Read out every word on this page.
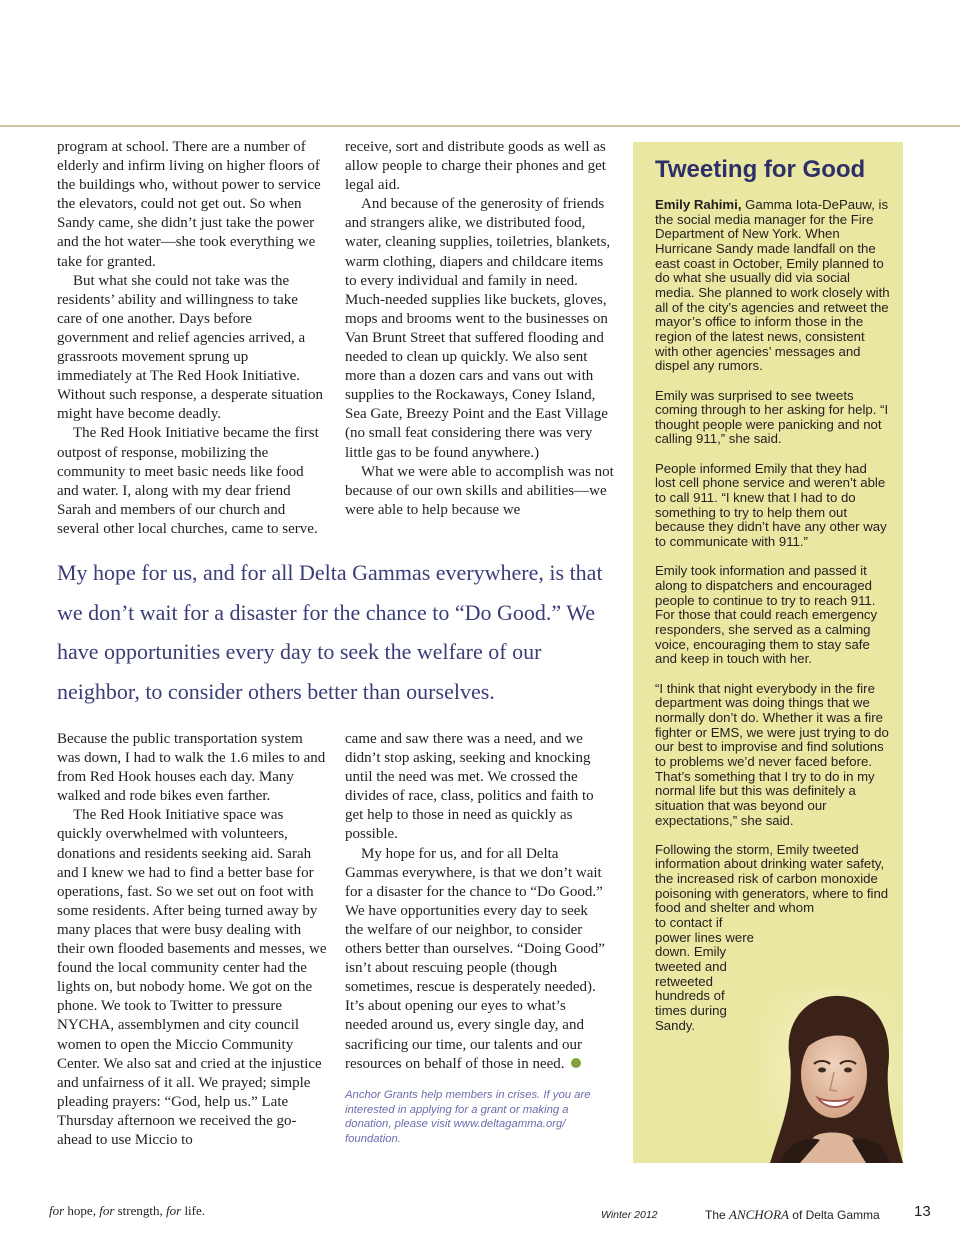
program at school. There are a number of elderly and infirm living on higher floors of the buildings who, without power to service the elevators, could not get out. So when Sandy came, she didn’t just take the power and the hot water—she took everything we take for granted.

But what she could not take was the residents’ ability and willingness to take care of one another. Days before government and relief agencies arrived, a grassroots movement sprung up immediately at The Red Hook Initiative. Without such response, a desperate situation might have become deadly.

The Red Hook Initiative became the first outpost of response, mobilizing the community to meet basic needs like food and water. I, along with my dear friend Sarah and members of our church and several other local churches, came to serve.

receive, sort and distribute goods as well as allow people to charge their phones and get legal aid.

And because of the generosity of friends and strangers alike, we distributed food, water, cleaning supplies, toiletries, blankets, warm clothing, diapers and childcare items to every individual and family in need. Much-needed supplies like buckets, gloves, mops and brooms went to the businesses on Van Brunt Street that suffered flooding and needed to clean up quickly. We also sent more than a dozen cars and vans out with supplies to the Rockaways, Coney Island, Sea Gate, Breezy Point and the East Village (no small feat considering there was very little gas to be found anywhere.)

What we were able to accomplish was not because of our own skills and abilities—we were able to help because we

My hope for us, and for all Delta Gammas everywhere, is that we don’t wait for a disaster for the chance to “Do Good.” We have opportunities every day to seek the welfare of our neighbor, to consider others better than ourselves.

Because the public transportation system was down, I had to walk the 1.6 miles to and from Red Hook houses each day. Many walked and rode bikes even farther.

The Red Hook Initiative space was quickly overwhelmed with volunteers, donations and residents seeking aid. Sarah and I knew we had to find a better base for operations, fast. So we set out on foot with some residents. After being turned away by many places that were busy dealing with their own flooded basements and messes, we found the local community center had the lights on, but nobody home. We got on the phone. We took to Twitter to pressure NYCHA, assemblymen and city council women to open the Miccio Community Center. We also sat and cried at the injustice and unfairness of it all. We prayed; simple pleading prayers: “God, help us.” Late Thursday afternoon we received the go-ahead to use Miccio to

came and saw there was a need, and we didn’t stop asking, seeking and knocking until the need was met. We crossed the divides of race, class, politics and faith to get help to those in need as quickly as possible.

My hope for us, and for all Delta Gammas everywhere, is that we don’t wait for a disaster for the chance to “Do Good.” We have opportunities every day to seek the welfare of our neighbor, to consider others better than ourselves. “Doing Good” isn’t about rescuing people (though sometimes, rescue is desperately needed). It’s about opening our eyes to what’s needed around us, every single day, and sacrificing our time, our talents and our resources on behalf of those in need.

Anchor Grants help members in crises. If you are interested in applying for a grant or making a donation, please visit www.deltagamma.org/ foundation.
Tweeting for Good

Emily Rahimi, Gamma Iota-DePauw, is the social media manager for the Fire Department of New York. When Hurricane Sandy made landfall on the east coast in October, Emily planned to do what she usually did via social media. She planned to work closely with all of the city’s agencies and retweet the mayor’s office to inform those in the region of the latest news, consistent with other agencies’ messages and dispel any rumors.

Emily was surprised to see tweets coming through to her asking for help. “I thought people were panicking and not calling 911,” she said.

People informed Emily that they had lost cell phone service and weren’t able to call 911. “I knew that I had to do something to try to help them out because they didn’t have any other way to communicate with 911.”

Emily took information and passed it along to dispatchers and encouraged people to continue to try to reach 911. For those that could reach emergency responders, she served as a calming voice, encouraging them to stay safe and keep in touch with her.

“I think that night everybody in the fire department was doing things that we normally don’t do. Whether it was a fire fighter or EMS, we were just trying to do our best to improvise and find solutions to problems we’d never faced before. That’s something that I try to do in my normal life but this was definitely a situation that was beyond our expectations,” she said.

Following the storm, Emily tweeted information about drinking water safety, the increased risk of carbon monoxide poisoning with generators, where to find food and shelter and whom

to contact if power lines were down. Emily tweeted and retweeted hundreds of times during Sandy.

for hope, for strength, for life.	Winter 2012	The ANCHORA of Delta Gamma 13
